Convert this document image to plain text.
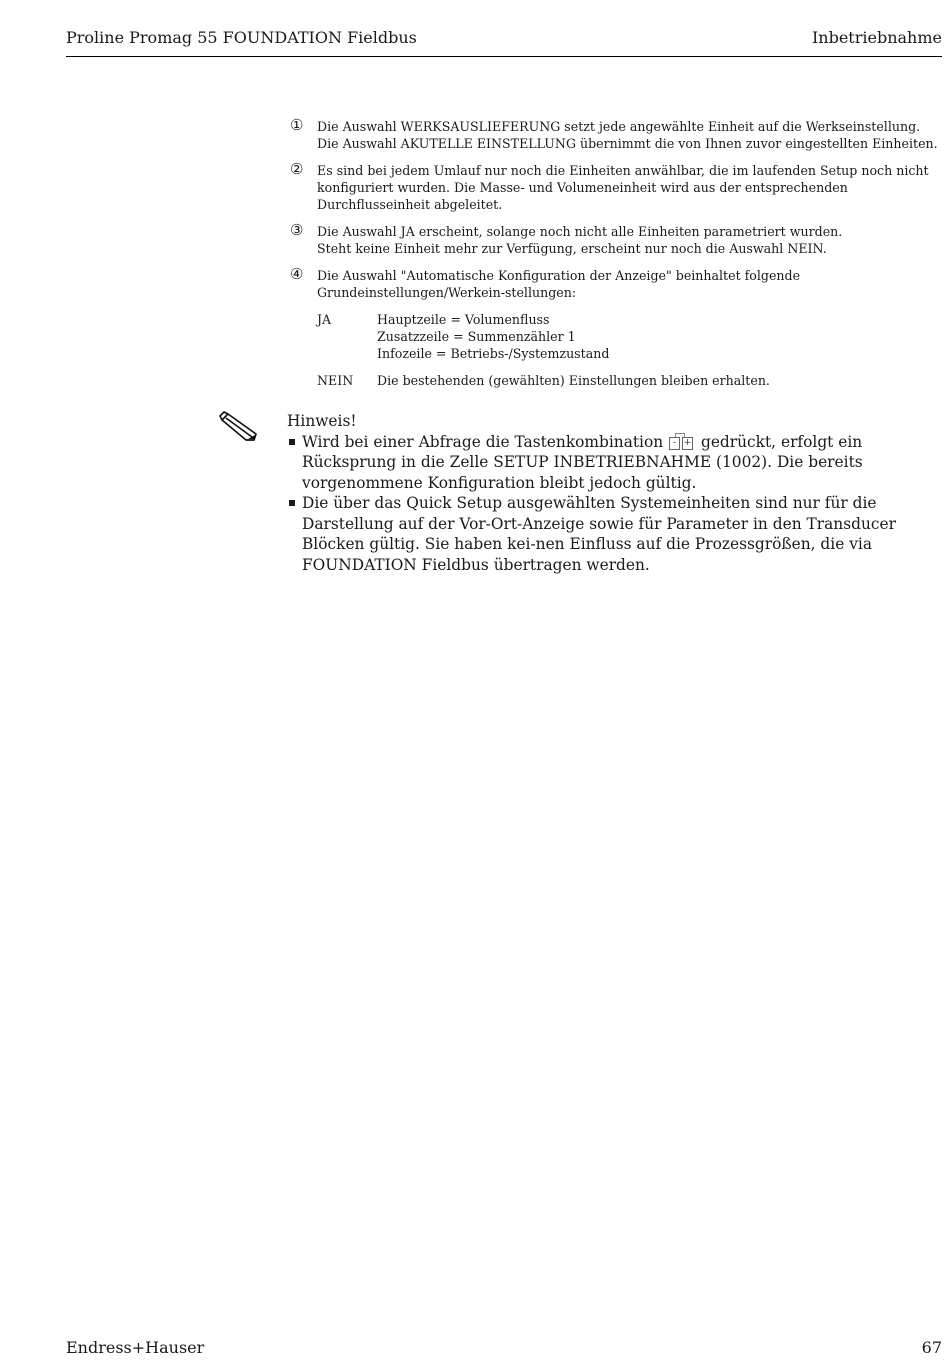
Proline Promag 55 FOUNDATION Fieldbus	Inbetriebnahme
① Die Auswahl WERKSAUSLIEFERUNG setzt jede angewählte Einheit auf die Werkseinstellung.

Die Auswahl AKUTELLE EINSTELLUNG übernimmt die von Ihnen zuvor eingestellten Einheiten.

② Es sind bei jedem Umlauf nur noch die Einheiten anwählbar, die im laufenden Setup noch nicht konfiguriert wurden. Die Masse- und Volumeneinheit wird aus der entsprechenden Durchflusseinheit abgeleitet.

③ Die Auswahl JA erscheint, solange noch nicht alle Einheiten parametriert wurden.

Steht keine Einheit mehr zur Verfügung, erscheint nur noch die Auswahl NEIN.

④ Die Auswahl "Automatische Konfiguration der Anzeige" beinhaltet folgende Grundeinstellungen/Werkein-stellungen:

JA	Hauptzeile = Volumenfluss
Zusatzzeile = Summenzähler 1
Infozeile = Betriebs-/Systemzustand
NEIN	Die bestehenden (gewählten) Einstellungen bleiben erhalten.
Hinweis!
Wird bei einer Abfrage die Tastenkombination	- + gedrückt, erfolgt ein Rücksprung in die Zelle SETUP INBETRIEBNAHME (1002). Die bereits vorgenommene Konfiguration bleibt jedoch gültig.
Die über das Quick Setup ausgewählten Systemeinheiten sind nur für die Darstellung auf der Vor-Ort-Anzeige sowie für Parameter in den Transducer Blöcken gültig. Sie haben kei-nen Einfluss auf die Prozessgrößen, die via FOUNDATION Fieldbus übertragen werden.
Endress+Hauser	67
